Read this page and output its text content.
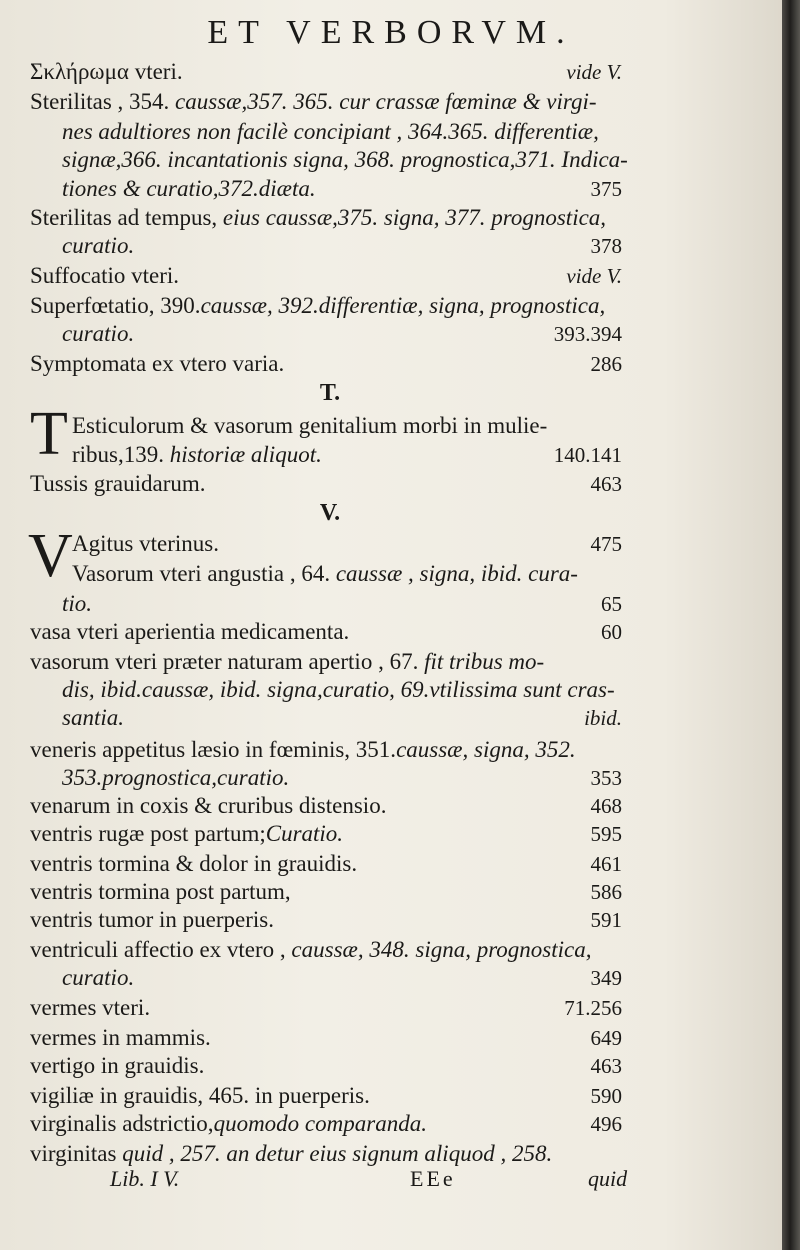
ET VERBORVM.
Σκλήρωμα vteri.	vide V.
Sterilitas , 354. caussæ,357. 365. cur crassæ fœminæ & virgi-
nes adultiores non facilè concipiant , 364.365. differentiæ,
signæ,366. incantationis signa, 368. prognostica,371. Indica-
tiones & curatio,372.diæta.	375
Sterilitas ad tempus, eius caussæ,375. signa, 377. prognostica,
curatio.	378
Suffocatio vteri.	vide V.
Superfœtatio, 390.caussæ, 392.differentiæ, signa, prognostica,
curatio.	393.394
Symptomata ex vtero varia.	286
T.
T Esticulorum & vasorum genitalium morbi in mulie-
ribus,139. historiæ aliquot.	140.141
Tussis grauidarum.	463
V.
V Agitus vterinus.	475
Vasorum vteri angustia , 64. caussæ , signa, ibid. cura-
tio.	65
vasa vteri aperientia medicamenta.	60
vasorum vteri præter naturam apertio , 67. fit tribus mo-
dis, ibid.caussæ, ibid. signa,curatio, 69.vtilissima sunt cras-
santia.	ibid.
veneris appetitus læsio in fœminis, 351.caussæ, signa, 352.
353.prognostica,curatio.	353
venarum in coxis & cruribus distensio.	468
ventris rugæ post partum;Curatio.	595
ventris tormina & dolor in grauidis.	461
ventris tormina post partum,	586
ventris tumor in puerperis.	591
ventriculi affectio ex vtero , caussæ, 348. signa, prognostica,
curatio.	349
vermes vteri.	71.256
vermes in mammis.	649
vertigo in grauidis.	463
vigiliæ in grauidis, 465. in puerperis.	590
virginalis adstrictio,quomodo comparanda.	496
virginitas quid , 257. an detur eius signum aliquod , 258.
Lib. I V.	EEe	quid
